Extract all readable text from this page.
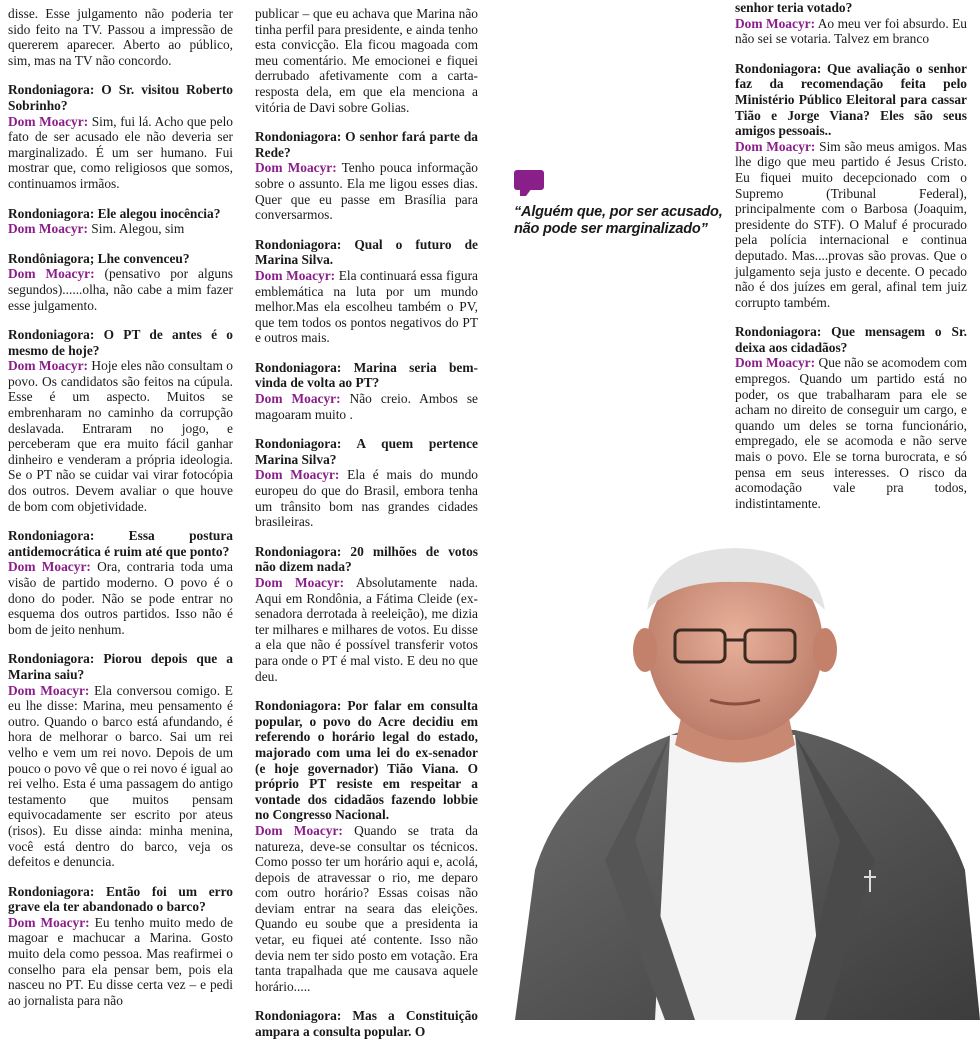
disse. Esse julgamento não poderia ter sido feito na TV. Passou a impressão de quererem aparecer. Aberto ao público, sim, mas na TV não concordo.

Rondoniagora: O Sr. visitou Roberto Sobrinho?

Dom Moacyr: Sim, fui lá. Acho que pelo fato de ser acusado ele não deveria ser marginalizado. É um ser humano. Fui mostrar que, como religiosos que somos, continuamos irmãos.

Rondoniagora: Ele alegou inocência?

Dom Moacyr: Sim. Alegou, sim

Rondôniagora; Lhe convenceu?

Dom Moacyr: (pensativo por alguns segundos)......olha, não cabe a mim fazer esse julgamento.

Rondoniagora: O PT de antes é o mesmo de hoje?

Dom Moacyr: Hoje eles não consultam o povo. Os candidatos são feitos na cúpula. Esse é um aspecto. Muitos se embrenharam no caminho da corrupção deslavada. Entraram no jogo, e perceberam que era muito fácil ganhar dinheiro e venderam a própria ideologia. Se o PT não se cuidar vai virar fotocópia dos outros. Devem avaliar o que houve de bom com objetividade.

Rondoniagora: Essa postura antidemocrática é ruim até que ponto?

Dom Moacyr: Ora, contraria toda uma visão de partido moderno. O povo é o dono do poder. Não se pode entrar no esquema dos outros partidos. Isso não é bom de jeito nenhum.

Rondoniagora: Piorou depois que a Marina saiu?

Dom Moacyr: Ela conversou comigo. E eu lhe disse: Marina, meu pensamento é outro. Quando o barco está afundando, é hora de melhorar o barco. Sai um rei velho e vem um rei novo. Depois de um pouco o povo vê que o rei novo é igual ao rei velho. Esta é uma passagem do antigo testamento que muitos pensam equivocadamente ser escrito por ateus (risos). Eu disse ainda: minha menina, você está dentro do barco, veja os defeitos e denuncia.

Rondoniagora: Então foi um erro grave ela ter abandonado o barco?

Dom Moacyr: Eu tenho muito medo de magoar e machucar a Marina. Gosto muito dela como pessoa. Mas reafirmei o conselho para ela pensar bem, pois ela nasceu no PT. Eu disse certa vez – e pedi ao jornalista para não

publicar – que eu achava que Marina não tinha perfil para presidente, e ainda tenho esta convicção. Ela ficou magoada com meu comentário. Me emocionei e fiquei derrubado afetivamente com a carta-resposta dela, em que ela menciona a vitória de Davi sobre Golias.

Rondoniagora: O senhor fará parte da Rede?

Dom Moacyr: Tenho pouca informação sobre o assunto. Ela me ligou esses dias. Quer que eu passe em Brasília para conversarmos.

Rondoniagora: Qual o futuro de Marina Silva.

Dom Moacyr: Ela continuará essa figura emblemática na luta por um mundo melhor.Mas ela escolheu também o PV, que tem todos os pontos negativos do PT e outros mais.

Rondoniagora: Marina seria bem-vinda de volta ao PT?

Dom Moacyr: Não creio. Ambos se magoaram muito .

Rondoniagora: A quem pertence Marina Silva?

Dom Moacyr: Ela é mais do mundo europeu do que do Brasil, embora tenha um trânsito bom nas grandes cidades brasileiras.

Rondoniagora: 20 milhões de votos não dizem nada?

Dom Moacyr: Absolutamente nada. Aqui em Rondônia, a Fátima Cleide (ex-senadora derrotada à reeleição), me dizia ter milhares e milhares de votos. Eu disse a ela que não é possível transferir votos para onde o PT é mal visto. E deu no que deu.

Rondoniagora: Por falar em consulta popular, o povo do Acre decidiu em referendo o horário legal do estado, majorado com uma lei do ex-senador (e hoje governador) Tião Viana. O próprio PT resiste em respeitar a vontade dos cidadãos fazendo lobbie no Congresso Nacional.

Dom Moacyr: Quando se trata da natureza, deve-se consultar os técnicos. Como posso ter um horário aqui e, acolá, depois de atravessar o rio, me deparo com outro horário? Essas coisas não deviam entrar na seara das eleições. Quando eu soube que a presidenta ia vetar, eu fiquei até contente. Isso não devia nem ter sido posto em votação. Era tanta trapalhada que me causava aquele horário.....

Rondoniagora: Mas a Constituição ampara a consulta popular. O

“Alguém que, por ser acusado, não pode ser marginalizado”

senhor teria votado?

Dom Moacyr: Ao meu ver foi absurdo. Eu não sei se votaria. Talvez em branco

Rondoniagora: Que avaliação o senhor faz da recomendação feita pelo Ministério Público Eleitoral para cassar Tião e Jorge Viana? Eles são seus amigos pessoais..

Dom Moacyr: Sim são meus amigos. Mas lhe digo que meu partido é Jesus Cristo. Eu fiquei muito decepcionado com o Supremo (Tribunal Federal), principalmente com o Barbosa (Joaquim, presidente do STF). O Maluf é procurado pela polícia internacional e continua deputado. Mas....provas são provas. Que o julgamento seja justo e decente. O pecado não é dos juízes em geral, afinal tem juiz corrupto também.

Rondoniagora: Que mensagem o Sr. deixa aos cidadãos?

Dom Moacyr: Que não se acomodem com empregos. Quando um partido está no poder, os que trabalharam para ele se acham no direito de conseguir um cargo, e quando um deles se torna funcionário, empregado, ele se acomoda e não serve mais o povo. Ele se torna burocrata, e só pensa em seus interesses. O risco da acomodação vale pra todos, indistintamente.
